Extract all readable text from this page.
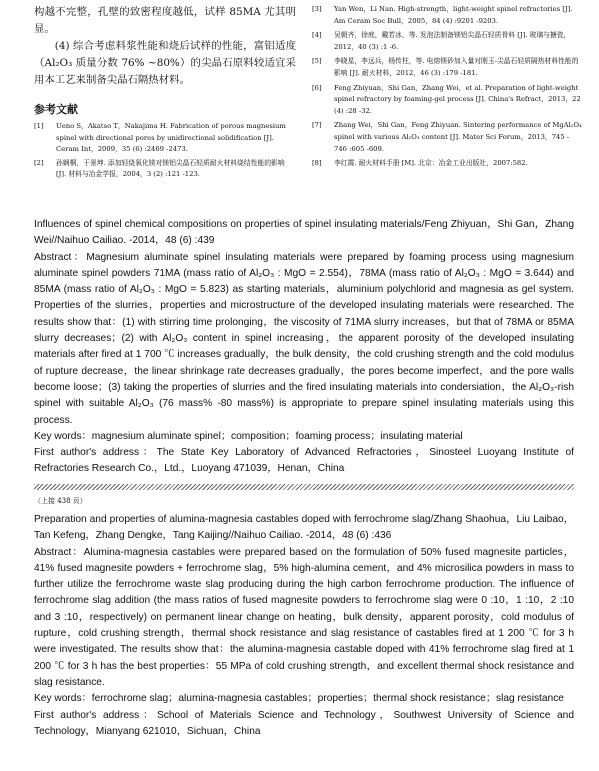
构越不完整，孔壁的致密程度越低，试样 85MA 尤其明显。

(4) 综合考虑料浆性能和烧后试样的性能，富铝适度（Al₂O₃ 质量分数 76% ~80%）的尖晶石原料较适宜采用本工艺来制备尖晶石隔热材料。

参考文献
[1]	Ueno S，Akatso T，Nakajima H. Fabrication of porous magnesium spinel with directional pores by unidirectional solidification [J]. Ceram Int，2009，35 (6) :2469 -2473.
[2]	孙娴桐，于景坤. 添加轻烧氧化镁对镁铝尖晶石轻质耐火材料烧结性能的影响 [J]. 材料与冶金学报，2004，3 (2) :121 -123.
[3]	Yan Wen，Li Nan. High-strength，light-weight spinel refractories [J]. Am Ceram Soc Bull，2005，84 (4) :9201 -9203.
[4]	吴朝齐，徐庭，戴若冰，等. 发泡法制备镁铝尖晶石轻质骨料 [J]. 玻璃与搪瓷，2012，40 (3) :1 -6.
[5]	李晓星，李远兵，杨传柱，等. 电熔镁砂加入量对刚玉-尖晶石轻质隔热材料性能的影响 [J]. 耐火材料，2012，46 (3) :179 -181.
[6]	Feng Zhiyuan，Shi Gan，Zhang Wei，et al. Preparation of light-weight spinel refractory by foaming-gel process [J]. China's Refract，2013，22 (4) :28 -32.
[7]	Zhang Wei，Shi Gan，Feng Zhiyuan. Sintering performance of MgAl₂O₄ spinel with various Al₂O₃ content [J]. Mater Sci Forum，2013，745 - 746 :605 -609.
[8]	李红霞. 耐火材料手册 [M]. 北京：冶金工业出版社，2007:582.

Influences of spinel chemical compositions on properties of spinel insulating materials/Feng Zhiyuan，Shi Gan，Zhang Wei//Naihuo Cailiao. -2014，48 (6) :439

Abstract：Magnesium aluminate spinel insulating materials were prepared by foaming process using magnesium aluminate spinel powders 71MA (mass ratio of Al₂O₃ : MgO = 2.554)，78MA (mass ratio of Al₂O₃ : MgO = 3.644) and 85MA (mass ratio of Al₂O₃ : MgO = 5.823) as starting materials，aluminium polychlorid and magnesia as gel system. Properties of the slurries，properties and microstructure of the developed insulating materials were researched. The results show that：(1) with stirring time prolonging，the viscosity of 71MA slurry increases，but that of 78MA or 85MA slurry decreases；(2) with Al₂O₃ content in spinel increasing，the apparent porosity of the developed insulating materials after fired at 1 700 ℃ increases gradually，the bulk density，the cold crushing strength and the cold modulus of rupture decrease，the linear shrinkage rate decreases gradually，the pores become imperfect，and the pore walls become loose；(3) taking the properties of slurries and the fired insulating materials into condersiation，the Al₂O₃-rish spinel with suitable Al₂O₃ (76 mass% -80 mass%) is appropriate to prepare spinel insulating materials using this process.

Key words：magnesium aluminate spinel；composition；foaming process；insulating material

First author's address：The State Key Laboratory of Advanced Refractories，Sinosteel Luoyang Institute of Refractories Research Co.，Ltd.，Luoyang 471039，Henan，China

（上接 438 页）

Preparation and properties of alumina-magnesia castables doped with ferrochrome slag/Zhang Shaohua，Liu Laibao，Tan Kefeng，Zhang Dengke，Tang Kaijing//Naihuo Cailiao. -2014，48 (6) :436

Abstract：Alumina-magnesia castables were prepared based on the formulation of 50% fused magnesite particles，41% fused magnesite powders + ferrochrome slag，5% high-alumina cement，and 4% microsilica powders in mass to further utilize the ferrochrome waste slag producing during the high carbon ferrochrome production. The influence of ferrochrome slag addition (the mass ratios of fused magnesite powders to ferrochrome slag were 0 :10，1 :10，2 :10 and 3 :10，respectively) on permanent linear change on heating，bulk density，apparent porosity，cold modulus of rupture，cold crushing strength，thermal shock resistance and slag resistance of castables fired at 1 200 ℃ for 3 h were investigated. The results show that：the alumina-magnesia castable doped with 41% ferrochrome slag fired at 1 200 ℃ for 3 h has the best properties：55 MPa of cold crushing strength，and excellent thermal shock resistance and slag resistance.

Key words：ferrochrome slag；alumina-magnesia castables；properties；thermal shock resistance；slag resistance

First author's address：School of Materials Science and Technology，Southwest University of Science and Technology，Mianyang 621010，Sichuan，China
